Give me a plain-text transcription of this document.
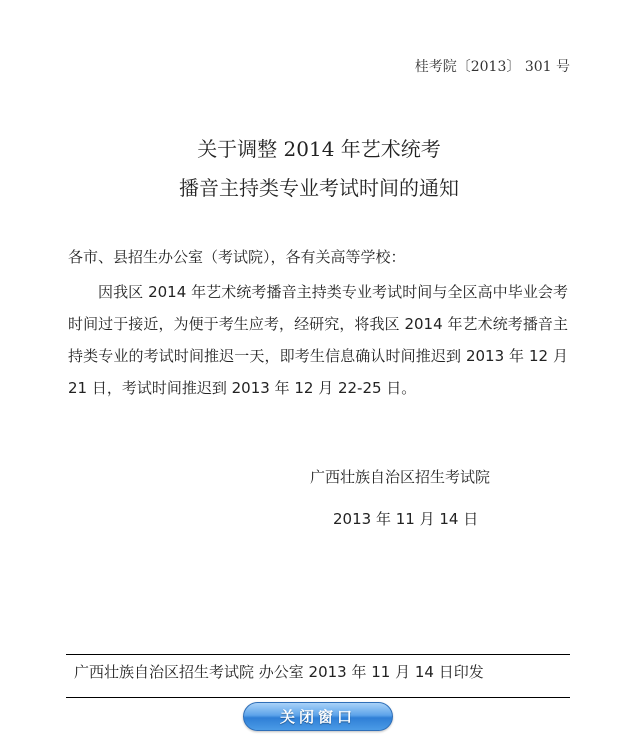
桂考院〔2013〕 301 号
关于调整 2014 年艺术统考
播音主持类专业考试时间的通知
各市、县招生办公室（考试院），各有关高等学校：
因我区 2014 年艺术统考播音主持类专业考试时间与全区高中毕业会考时间过于接近，为便于考生应考，经研究，将我区 2014 年艺术统考播音主持类专业的考试时间推迟一天，即考生信息确认时间推迟到 2013 年 12 月 21 日，考试时间推迟到 2013 年 12 月 22-25 日。
广西壮族自治区招生考试院
2013 年 11 月 14 日
广西壮族自治区招生考试院 办公室 2013 年 11 月 14 日印发
关闭窗口
